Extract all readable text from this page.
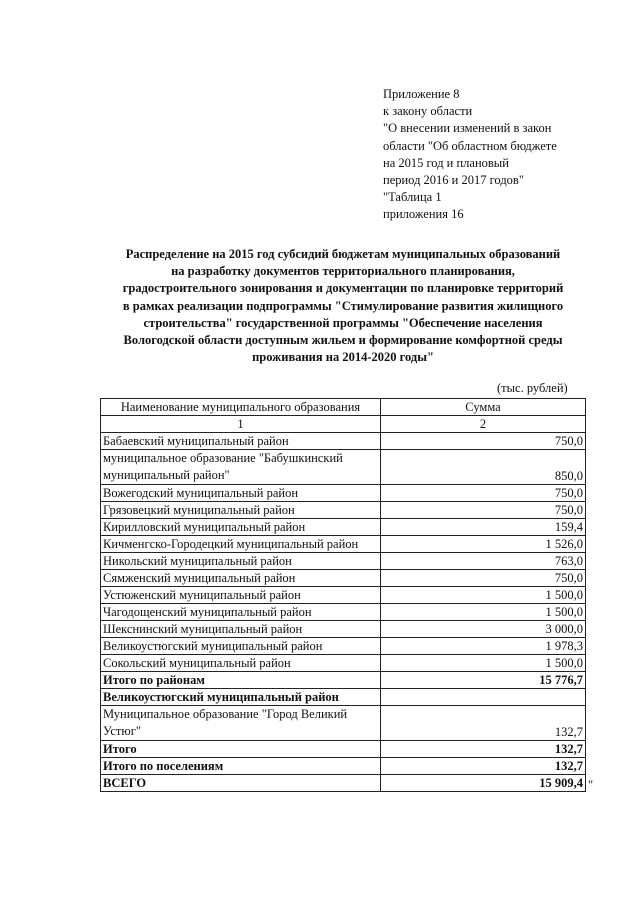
Приложение 8
к закону области
"О внесении изменений в закон
области "Об областном бюджете
на 2015 год и плановый
период 2016 и 2017 годов"
"Таблица 1
приложения 16
Распределение на 2015 год субсидий бюджетам муниципальных образований
на разработку документов территориального планирования,
градостроительного зонирования и документации по планировке территорий
в рамках реализации подпрограммы "Стимулирование развития жилищного
строительства" государственной программы "Обеспечение населения
Вологодской области доступным жильем и формирование комфортной среды
проживания на 2014-2020 годы"
(тыс. рублей)
Наименование муниципального образования	Сумма
1	2
Бабаевский муниципальный район	750,0
муниципальное образование "Бабушкинский муниципальный район"	850,0
Вожегодский муниципальный район	750,0
Грязовецкий муниципальный район	750,0
Кирилловский муниципальный район	159,4
Кичменгско-Городецкий муниципальный район	1 526,0
Никольский муниципальный район	763,0
Сямженский муниципальный район	750,0
Устюженский муниципальный район	1 500,0
Чагодощенский муниципальный район	1 500,0
Шекснинский муниципальный район	3 000,0
Великоустюгский муниципальный район	1 978,3
Сокольский муниципальный район	1 500,0
Итого по районам	15 776,7
Великоустюгский муниципальный район	
Муниципальное образование "Город Великий Устюг"	132,7
Итого	132,7
Итого по поселениям	132,7
ВСЕГО	15 909,4 "
